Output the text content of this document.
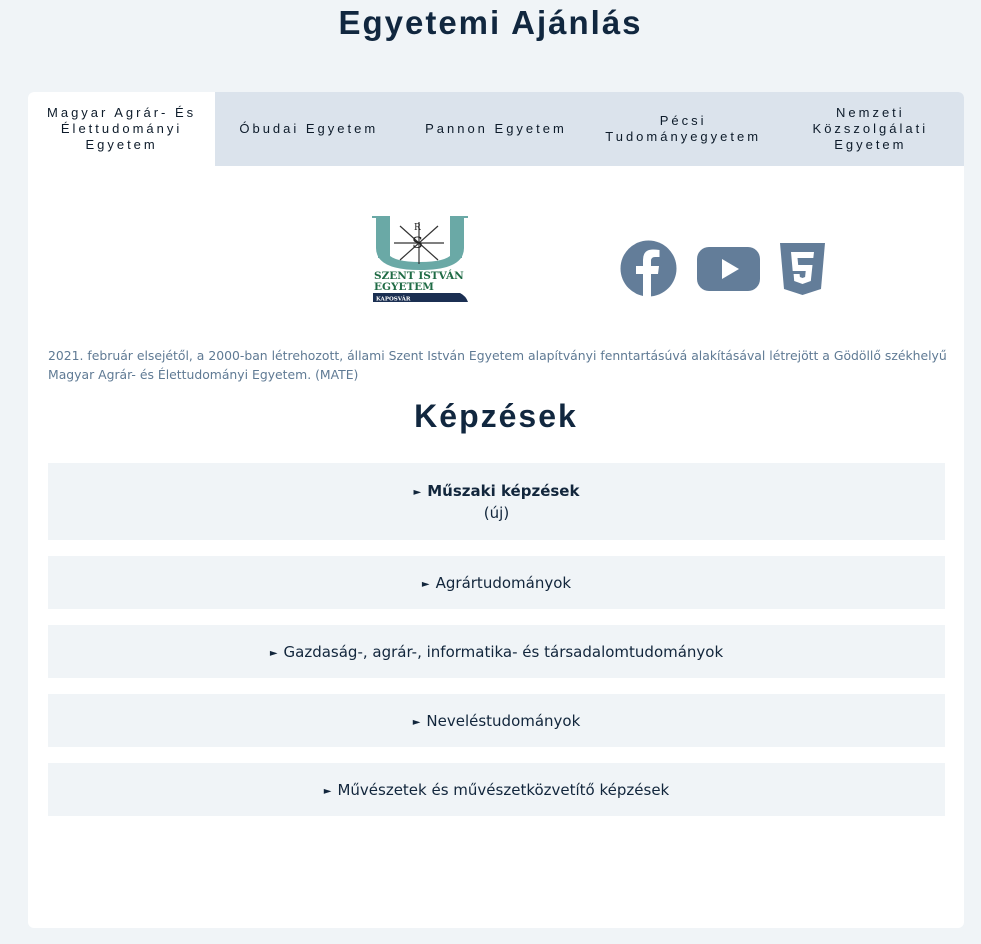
Egyetemi Ajánlás
Magyar Agrár- És Élettudományi Egyetem
Óbudai Egyetem	Pannon Egyetem
Pécsi Tudományegyetem
Nemzeti Közszolgálati Egyetem
S
R
SZENT ISTVÁN
EGYETEM
KAPOSVÁR

2021. február elsejétől, a 2000-ban létrehozott, állami Szent István Egyetem alapítványi fenntartásúvá alakításával létrejött a Gödöllő székhelyű Magyar Agrár- és Élettudományi Egyetem. (MATE)

Képzések
► Műszaki képzések
(új)
► Agrártudományok
► Gazdaság-, agrár-, informatika- és társadalomtudományok
► Neveléstudományok
► Művészetek és művészetközvetítő képzések
